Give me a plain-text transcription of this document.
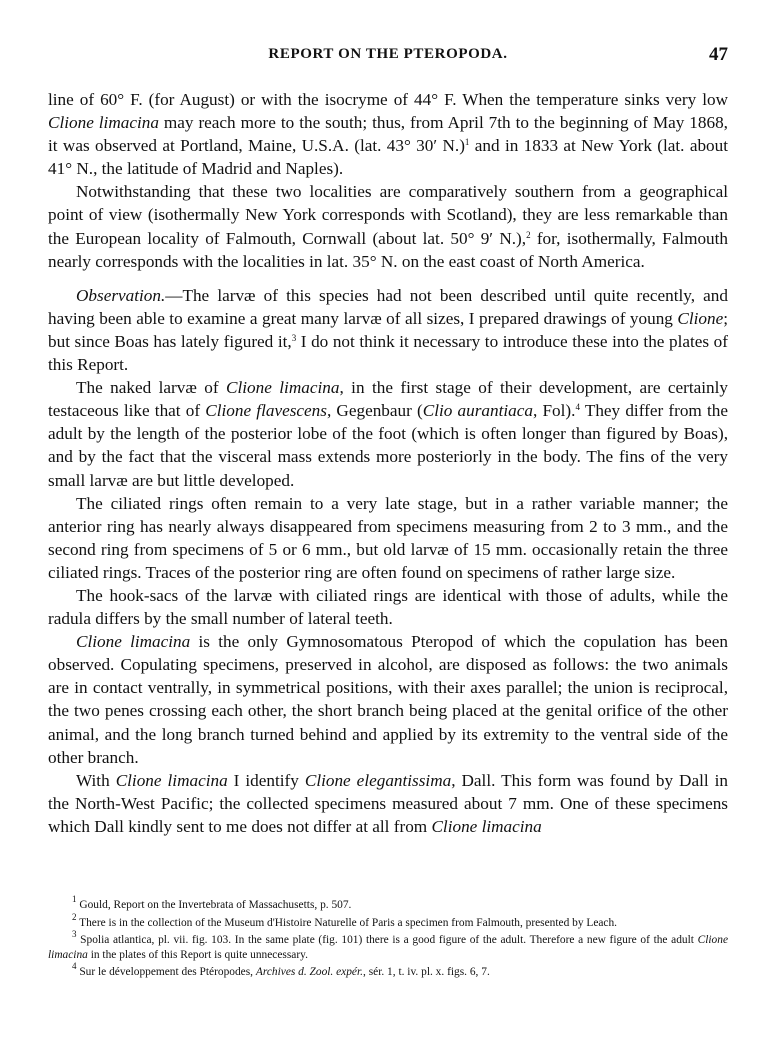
REPORT ON THE PTEROPODA.	47

line of 60° F. (for August) or with the isocryme of 44° F. When the temperature sinks very low Clione limacina may reach more to the south; thus, from April 7th to the beginning of May 1868, it was observed at Portland, Maine, U.S.A. (lat. 43° 30′ N.)$^1$ and in 1833 at New York (lat. about 41° N., the latitude of Madrid and Naples).

Notwithstanding that these two localities are comparatively southern from a geographical point of view (isothermally New York corresponds with Scotland), they are less remarkable than the European locality of Falmouth, Cornwall (about lat. 50° 9′ N.),$^2$ for, isothermally, Falmouth nearly corresponds with the localities in lat. 35° N. on the east coast of North America.

Observation.—The larvæ of this species had not been described until quite recently, and having been able to examine a great many larvæ of all sizes, I prepared drawings of young Clione; but since Boas has lately figured it,$^3$ I do not think it necessary to introduce these into the plates of this Report.

The naked larvæ of Clione limacina, in the first stage of their development, are certainly testaceous like that of Clione flavescens, Gegenbaur (Clio aurantiaca, Fol).$^4$ They differ from the adult by the length of the posterior lobe of the foot (which is often longer than figured by Boas), and by the fact that the visceral mass extends more posteriorly in the body. The fins of the very small larvæ are but little developed.

The ciliated rings often remain to a very late stage, but in a rather variable manner; the anterior ring has nearly always disappeared from specimens measuring from 2 to 3 mm., and the second ring from specimens of 5 or 6 mm., but old larvæ of 15 mm. occasionally retain the three ciliated rings. Traces of the posterior ring are often found on specimens of rather large size.

The hook-sacs of the larvæ with ciliated rings are identical with those of adults, while the radula differs by the small number of lateral teeth.

Clione limacina is the only Gymnosomatous Pteropod of which the copulation has been observed. Copulating specimens, preserved in alcohol, are disposed as follows: the two animals are in contact ventrally, in symmetrical positions, with their axes parallel; the union is reciprocal, the two penes crossing each other, the short branch being placed at the genital orifice of the other animal, and the long branch turned behind and applied by its extremity to the ventral side of the other branch.

With Clione limacina I identify Clione elegantissima, Dall. This form was found by Dall in the North-West Pacific; the collected specimens measured about 7 mm. One of these specimens which Dall kindly sent to me does not differ at all from Clione limacina

$^1$ Gould, Report on the Invertebrata of Massachusetts, p. 507.

$^2$ There is in the collection of the Museum d'Histoire Naturelle of Paris a specimen from Falmouth, presented by Leach.

$^3$ Spolia atlantica, pl. vii. fig. 103. In the same plate (fig. 101) there is a good figure of the adult. Therefore a new figure of the adult Clione limacina in the plates of this Report is quite unnecessary.

$^4$ Sur le développement des Ptéropodes, Archives d. Zool. expér., sér. 1, t. iv. pl. x. figs. 6, 7.
